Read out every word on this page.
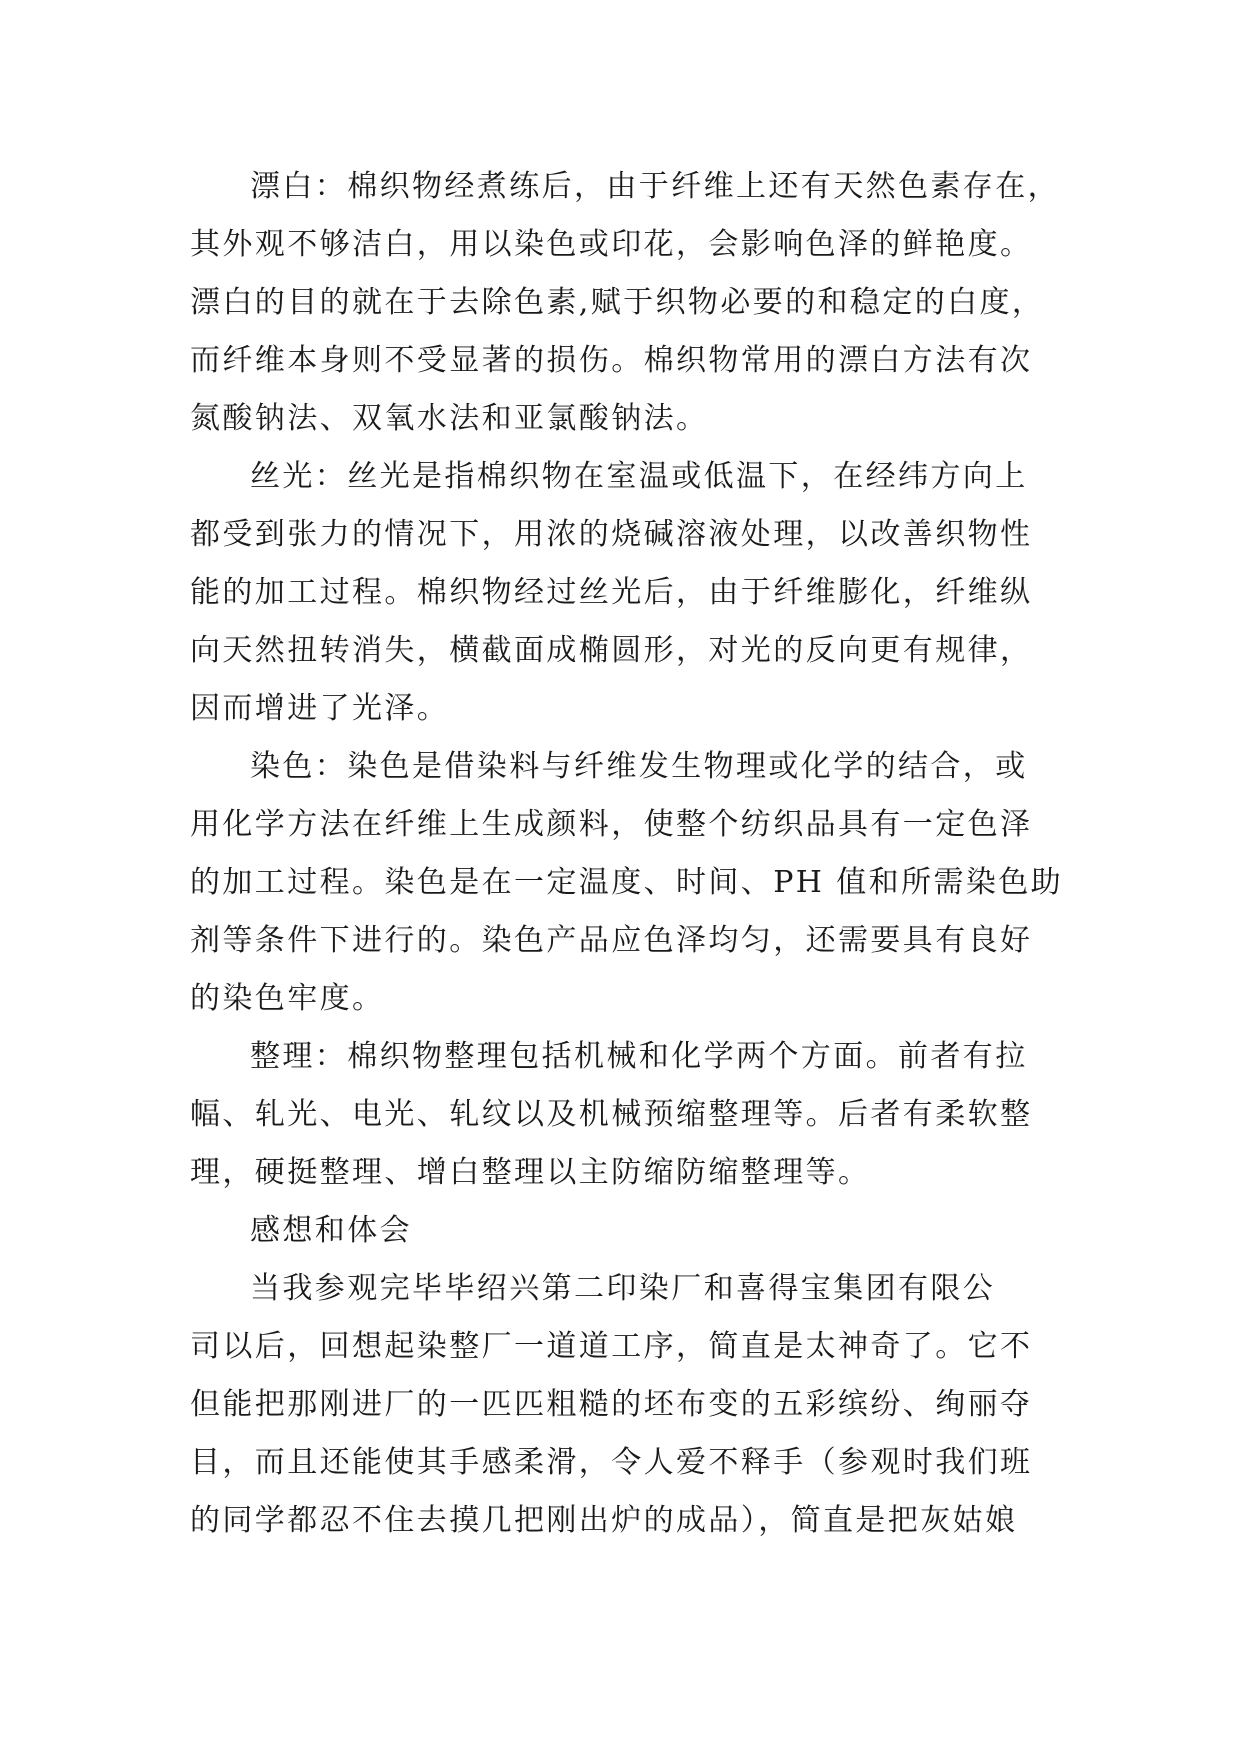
漂白：棉织物经煮练后，由于纤维上还有天然色素存在，
其外观不够洁白，用以染色或印花，会影响色泽的鲜艳度。
漂白的目的就在于去除色素,赋于织物必要的和稳定的白度，
而纤维本身则不受显著的损伤。棉织物常用的漂白方法有次
氮酸钠法、双氧水法和亚氯酸钠法。
丝光：丝光是指棉织物在室温或低温下，在经纬方向上
都受到张力的情况下，用浓的烧碱溶液处理，以改善织物性
能的加工过程。棉织物经过丝光后，由于纤维膨化，纤维纵
向天然扭转消失，横截面成椭圆形，对光的反向更有规律，
因而增进了光泽。
染色：染色是借染料与纤维发生物理或化学的结合，或
用化学方法在纤维上生成颜料，使整个纺织品具有一定色泽
的加工过程。染色是在一定温度、时间、PH 值和所需染色助
剂等条件下进行的。染色产品应色泽均匀，还需要具有良好
的染色牢度。
整理：棉织物整理包括机械和化学两个方面。前者有拉
幅、轧光、电光、轧纹以及机械预缩整理等。后者有柔软整
理，硬挺整理、增白整理以主防缩防缩整理等。
感想和体会
当我参观完毕毕绍兴第二印染厂和喜得宝集团有限公
司以后，回想起染整厂一道道工序，简直是太神奇了。它不
但能把那刚进厂的一匹匹粗糙的坯布变的五彩缤纷、绚丽夺
目，而且还能使其手感柔滑，令人爱不释手（参观时我们班
的同学都忍不住去摸几把刚出炉的成品），简直是把灰姑娘
